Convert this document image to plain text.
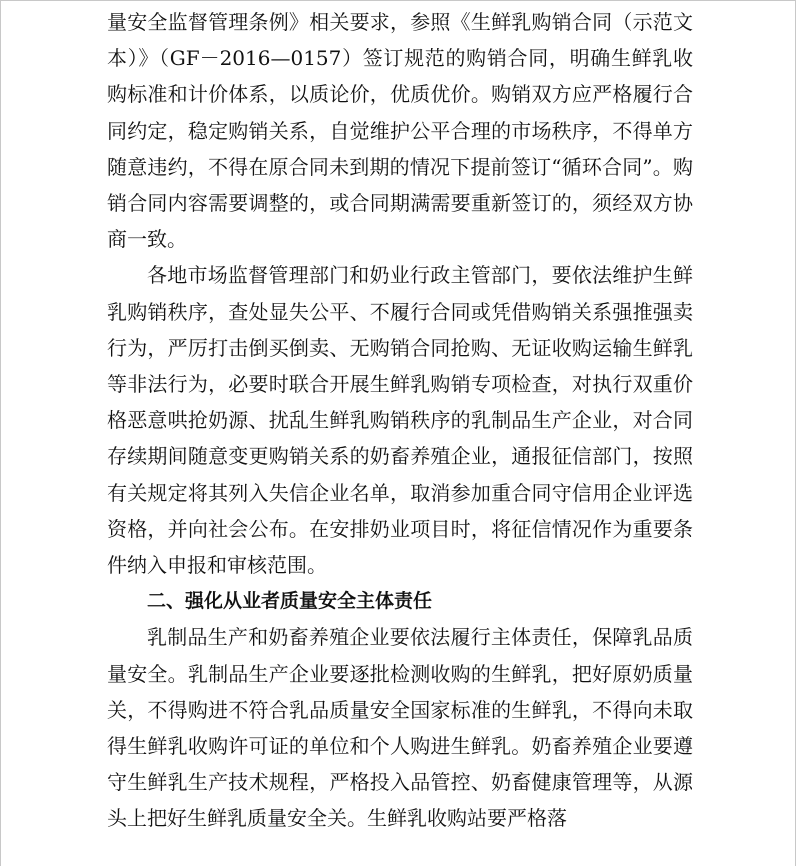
量安全监督管理条例》相关要求，参照《生鲜乳购销合同（示范文本）》（GF－2016—0157）签订规范的购销合同，明确生鲜乳收购标准和计价体系，以质论价，优质优价。购销双方应严格履行合同约定，稳定购销关系，自觉维护公平合理的市场秩序，不得单方随意违约，不得在原合同未到期的情况下提前签订“循环合同”。购销合同内容需要调整的，或合同期满需要重新签订的，须经双方协商一致。

各地市场监督管理部门和奶业行政主管部门，要依法维护生鲜乳购销秩序，查处显失公平、不履行合同或凭借购销关系强推强卖行为，严厉打击倒买倒卖、无购销合同抢购、无证收购运输生鲜乳等非法行为，必要时联合开展生鲜乳购销专项检查，对执行双重价格恶意哄抢奶源、扰乱生鲜乳购销秩序的乳制品生产企业，对合同存续期间随意变更购销关系的奶畜养殖企业，通报征信部门，按照有关规定将其列入失信企业名单，取消参加重合同守信用企业评选资格，并向社会公布。在安排奶业项目时，将征信情况作为重要条件纳入申报和审核范围。

二、强化从业者质量安全主体责任

乳制品生产和奶畜养殖企业要依法履行主体责任，保障乳品质量安全。乳制品生产企业要逐批检测收购的生鲜乳，把好原奶质量关，不得购进不符合乳品质量安全国家标准的生鲜乳，不得向未取得生鲜乳收购许可证的单位和个人购进生鲜乳。奶畜养殖企业要遵守生鲜乳生产技术规程，严格投入品管控、奶畜健康管理等，从源头上把好生鲜乳质量安全关。生鲜乳收购站要严格落
